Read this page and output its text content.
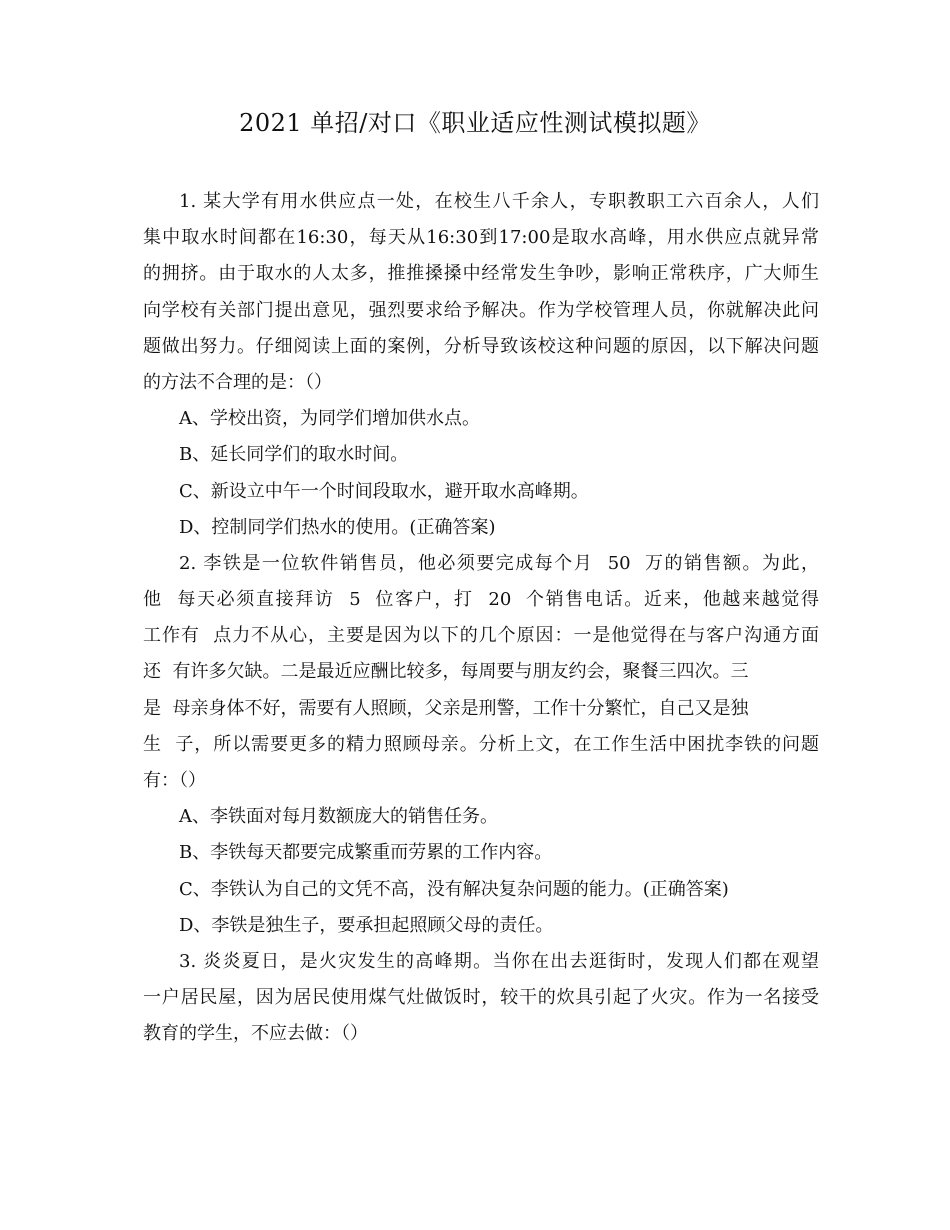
2021 单招/对口《职业适应性测试模拟题》
1. 某大学有用水供应点一处，在校生八千余人，专职教职工六百余人，人们
集中取水时间都在16:30，每天从16:30到17:00是取水高峰，用水供应点就异常
的拥挤。由于取水的人太多，推推搡搡中经常发生争吵，影响正常秩序，广大师生
向学校有关部门提出意见，强烈要求给予解决。作为学校管理人员，你就解决此问
题做出努力。仔细阅读上面的案例，分析导致该校这种问题的原因，以下解决问题
的方法不合理的是：（）
A、学校出资，为同学们增加供水点。
B、延长同学们的取水时间。
C、新设立中午一个时间段取水，避开取水高峰期。
D、控制同学们热水的使用。(正确答案)
2. 李铁是一位软件销售员，他必须要完成每个月  50  万的销售额。为此，
他  每天必须直接拜访  5  位客户，打  20  个销售电话。近来，他越来越觉得
工作有  点力不从心，主要是因为以下的几个原因：一是他觉得在与客户沟通方面
还  有许多欠缺。二是最近应酬比较多，每周要与朋友约会，聚餐三四次。三
是  母亲身体不好，需要有人照顾，父亲是刑警，工作十分繁忙，自己又是独
生  子，所以需要更多的精力照顾母亲。分析上文，在工作生活中困扰李铁的问题
有：（）
A、李铁面对每月数额庞大的销售任务。
B、李铁每天都要完成繁重而劳累的工作内容。
C、李铁认为自己的文凭不高，没有解决复杂问题的能力。(正确答案)
D、李铁是独生子，要承担起照顾父母的责任。
3. 炎炎夏日，是火灾发生的高峰期。当你在出去逛街时，发现人们都在观望
一户居民屋，因为居民使用煤气灶做饭时，较干的炊具引起了火灾。作为一名接受
教育的学生，不应去做：（）
